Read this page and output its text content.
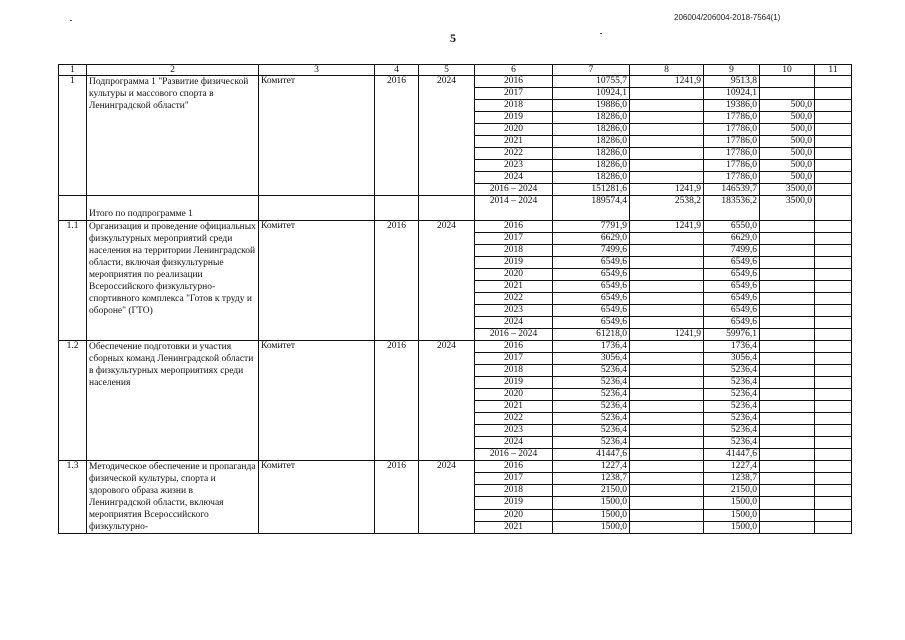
206004/206004-2018-7564(1)
5
1	2	3	4	5	6	7	8	9	10	11
1	Подпрограмма 1 "Развитие физической культуры и массового спорта в Ленинградской области"	Комитет	2016	2024	2016	10755,7	1241,9	9513,8		
					2017	10924,1		10924,1		
					2018	19886,0		19386,0	500,0	
					2019	18286,0		17786,0	500,0	
					2020	18286,0		17786,0	500,0	
					2021	18286,0		17786,0	500,0	
					2022	18286,0		17786,0	500,0	
					2023	18286,0		17786,0	500,0	
					2024	18286,0		17786,0	500,0	
					2016 – 2024	151281,6	1241,9	146539,7	3500,0	
	Итого по подпрограмме 1				2014 – 2024	189574,4	2538,2	183536,2	3500,0	
1.1	Организация и проведение официальных физкультурных мероприятий среди населения на территории Ленинградской области, включая физкультурные мероприятия по реализации Всероссийского физкультурно-спортивного комплекса "Готов к труду и обороне" (ГТО)	Комитет	2016	2024	2016	7791,9	1241,9	6550,0		
					2017	6629,0		6629,0		
					2018	7499,6		7499,6		
					2019	6549,6		6549,6		
					2020	6549,6		6549,6		
					2021	6549,6		6549,6		
					2022	6549,6		6549,6		
					2023	6549,6		6549,6		
					2024	6549,6		6549,6		
					2016 – 2024	61218,0	1241,9	59976,1		
1.2	Обеспечение подготовки и участия сборных команд Ленинградской области в физкультурных мероприятиях среди населения	Комитет	2016	2024	2016	1736,4		1736,4		
					2017	3056,4		3056,4		
					2018	5236,4		5236,4		
					2019	5236,4		5236,4		
					2020	5236,4		5236,4		
					2021	5236,4		5236,4		
					2022	5236,4		5236,4		
					2023	5236,4		5236,4		
					2024	5236,4		5236,4		
					2016 – 2024	41447,6		41447,6		
1.3	Методическое обеспечение и пропаганда физической культуры, спорта и здорового образа жизни в Ленинградской области, включая мероприятия Всероссийского физкультурно-	Комитет	2016	2024	2016	1227,4		1227,4		
					2017	1238,7		1238,7		
					2018	2150,0		2150,0		
					2019	1500,0		1500,0		
					2020	1500,0		1500,0		
					2021	1500,0		1500,0		
